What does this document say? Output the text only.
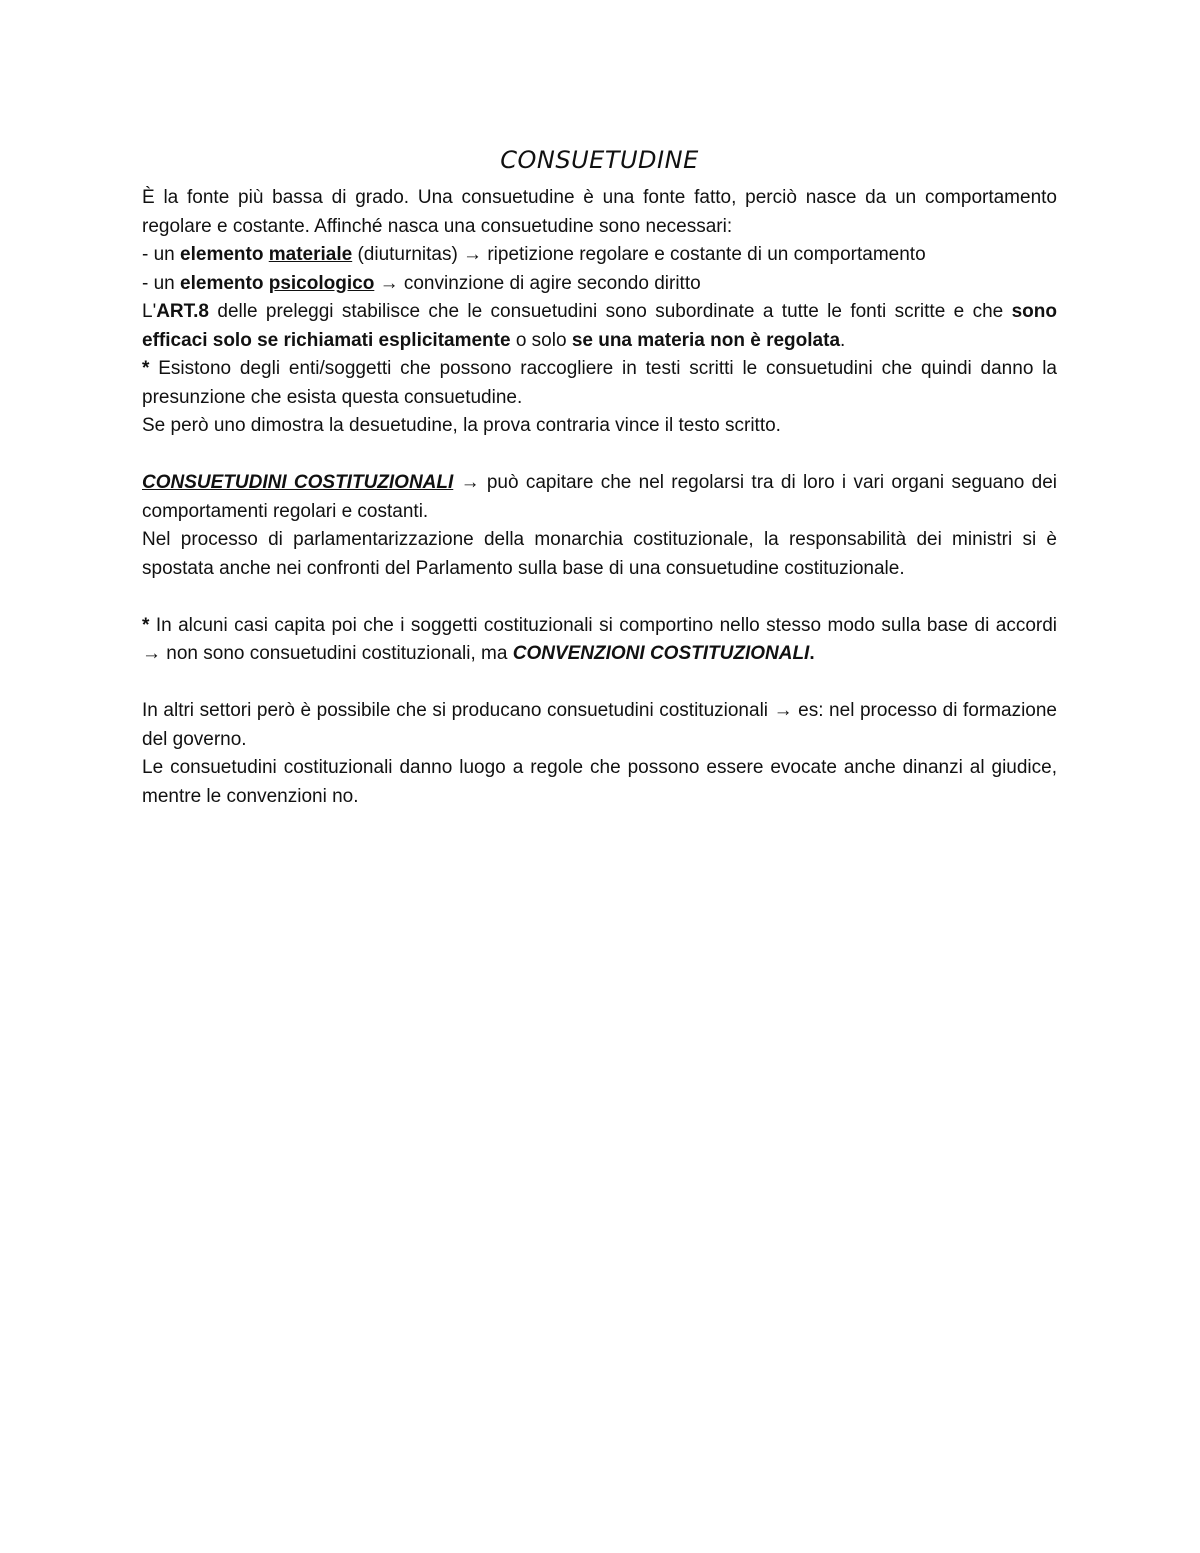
CONSUETUDINE

È la fonte più bassa di grado. Una consuetudine è una fonte fatto, perciò nasce da un comportamento regolare e costante. Affinché nasca una consuetudine sono necessari:

- un elemento materiale (diuturnitas) → ripetizione regolare e costante di un comportamento

- un elemento psicologico → convinzione di agire secondo diritto

L'ART.8 delle preleggi stabilisce che le consuetudini sono subordinate a tutte le fonti scritte e che sono efficaci solo se richiamati esplicitamente o solo se una materia non è regolata.

* Esistono degli enti/soggetti che possono raccogliere in testi scritti le consuetudini che quindi danno la presunzione che esista questa consuetudine.

Se però uno dimostra la desuetudine, la prova contraria vince il testo scritto.

CONSUETUDINI COSTITUZIONALI → può capitare che nel regolarsi tra di loro i vari organi seguano dei comportamenti regolari e costanti.

Nel processo di parlamentarizzazione della monarchia costituzionale, la responsabilità dei ministri si è spostata anche nei confronti del Parlamento sulla base di una consuetudine costituzionale.

* In alcuni casi capita poi che i soggetti costituzionali si comportino nello stesso modo sulla base di accordi → non sono consuetudini costituzionali, ma CONVENZIONI COSTITUZIONALI.

In altri settori però è possibile che si producano consuetudini costituzionali → es: nel processo di formazione del governo.

Le consuetudini costituzionali danno luogo a regole che possono essere evocate anche dinanzi al giudice, mentre le convenzioni no.
